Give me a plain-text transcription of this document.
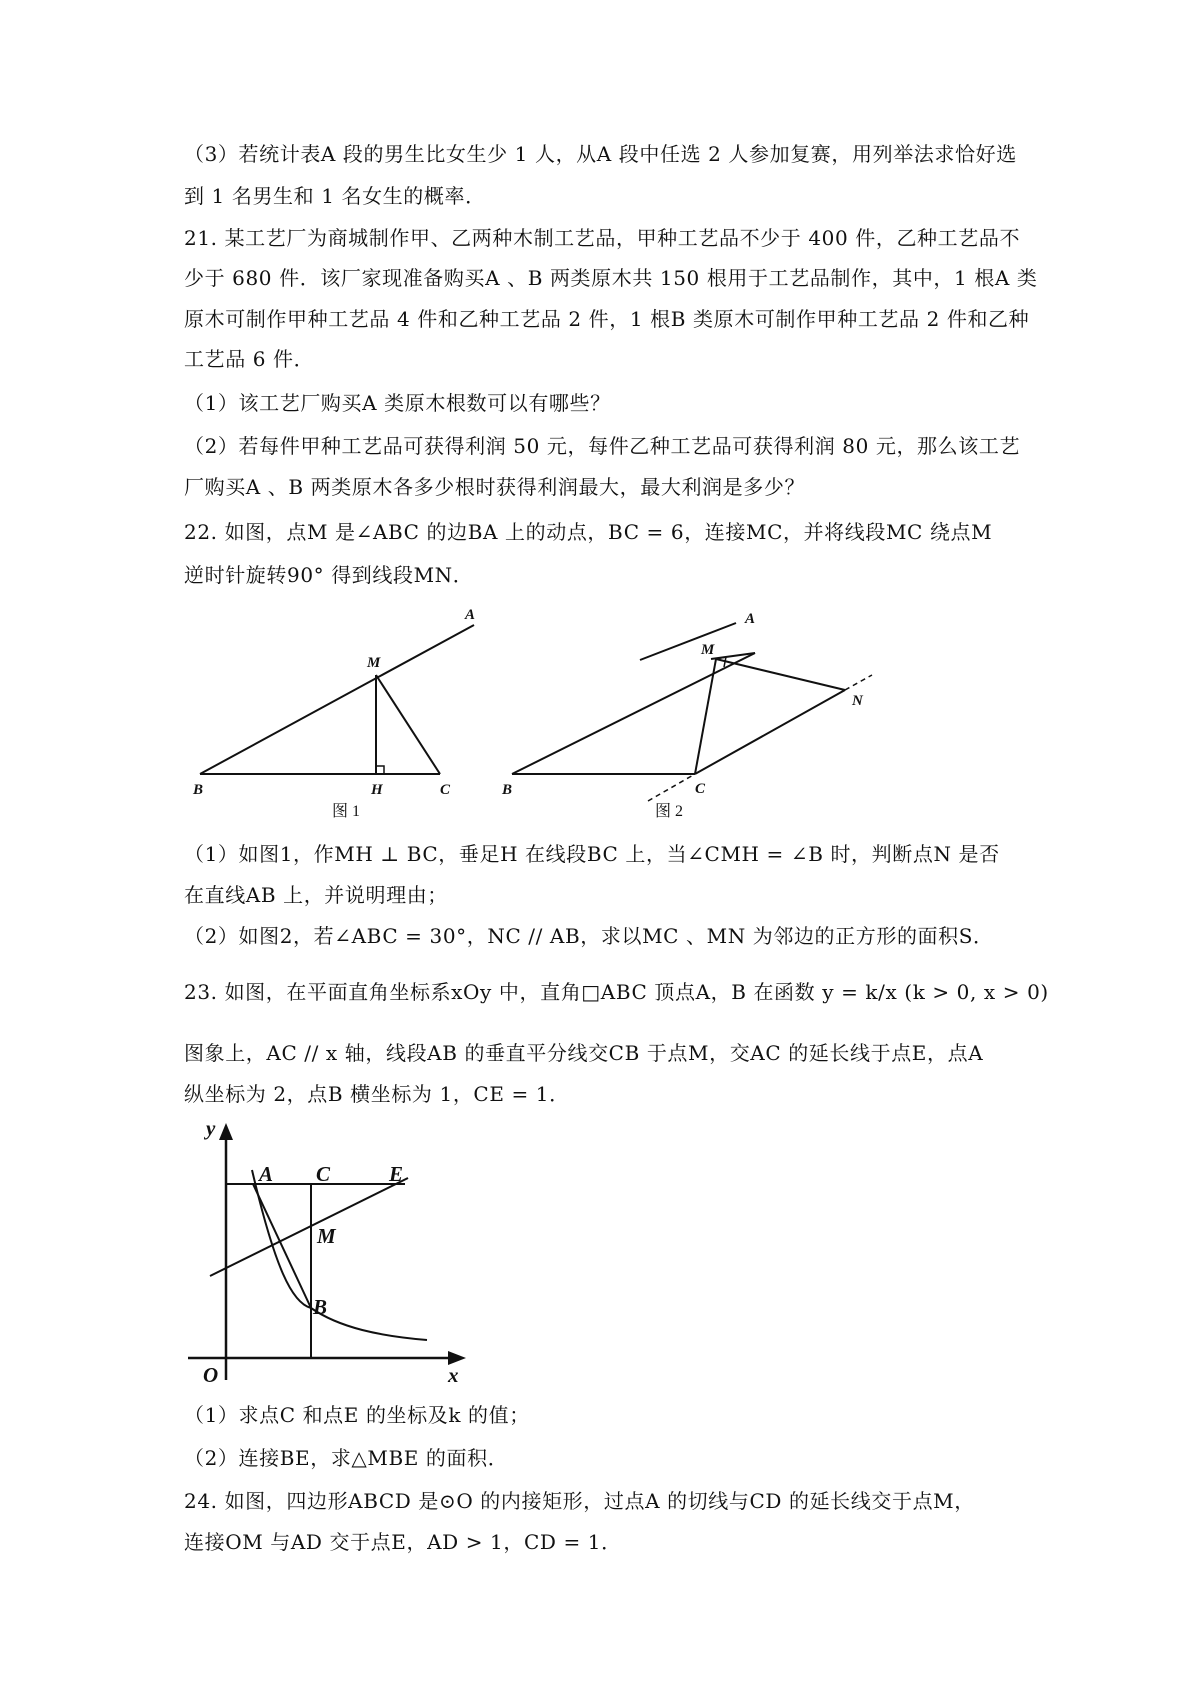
（3）若统计表A 段的男生比女生少 1 人，从A 段中任选 2 人参加复赛，用列举法求恰好选
到 1 名男生和 1 名女生的概率．
21. 某工艺厂为商城制作甲、乙两种木制工艺品，甲种工艺品不少于 400 件，乙种工艺品不
少于 680 件．该厂家现准备购买A 、B 两类原木共 150 根用于工艺品制作，其中，1 根A 类
原木可制作甲种工艺品 4 件和乙种工艺品 2 件，1 根B 类原木可制作甲种工艺品 2 件和乙种
工艺品 6 件．
（1）该工艺厂购买A 类原木根数可以有哪些？
（2）若每件甲种工艺品可获得利润 50 元，每件乙种工艺品可获得利润 80 元，那么该工艺
厂购买A 、B 两类原木各多少根时获得利润最大，最大利润是多少？
22. 如图，点M 是∠ABC 的边BA 上的动点，BC = 6，连接MC，并将线段MC 绕点M
逆时针旋转90° 得到线段MN．
A
M
B	H	C
图 1
A
M
N
B	C
图 2
（1）如图1，作MH ⊥ BC，垂足H 在线段BC 上，当∠CMH = ∠B 时，判断点N 是否
在直线AB 上，并说明理由；
（2）如图2，若∠ABC = 30°，NC // AB，求以MC 、MN 为邻边的正方形的面积S．
23. 如图，在平面直角坐标系xOy 中，直角□ABC 顶点A，B 在函数 y = k/x (k > 0, x > 0)
图象上，AC // x 轴，线段AB 的垂直平分线交CB 于点M，交AC 的延长线于点E，点A
纵坐标为 2，点B 横坐标为 1，CE = 1．
y
A C	E
M
B
O	x
（1）求点C 和点E 的坐标及k 的值；
（2）连接BE，求△MBE 的面积．
24. 如图，四边形ABCD 是⊙O 的内接矩形，过点A 的切线与CD 的延长线交于点M，
连接OM 与AD 交于点E，AD > 1，CD = 1．
